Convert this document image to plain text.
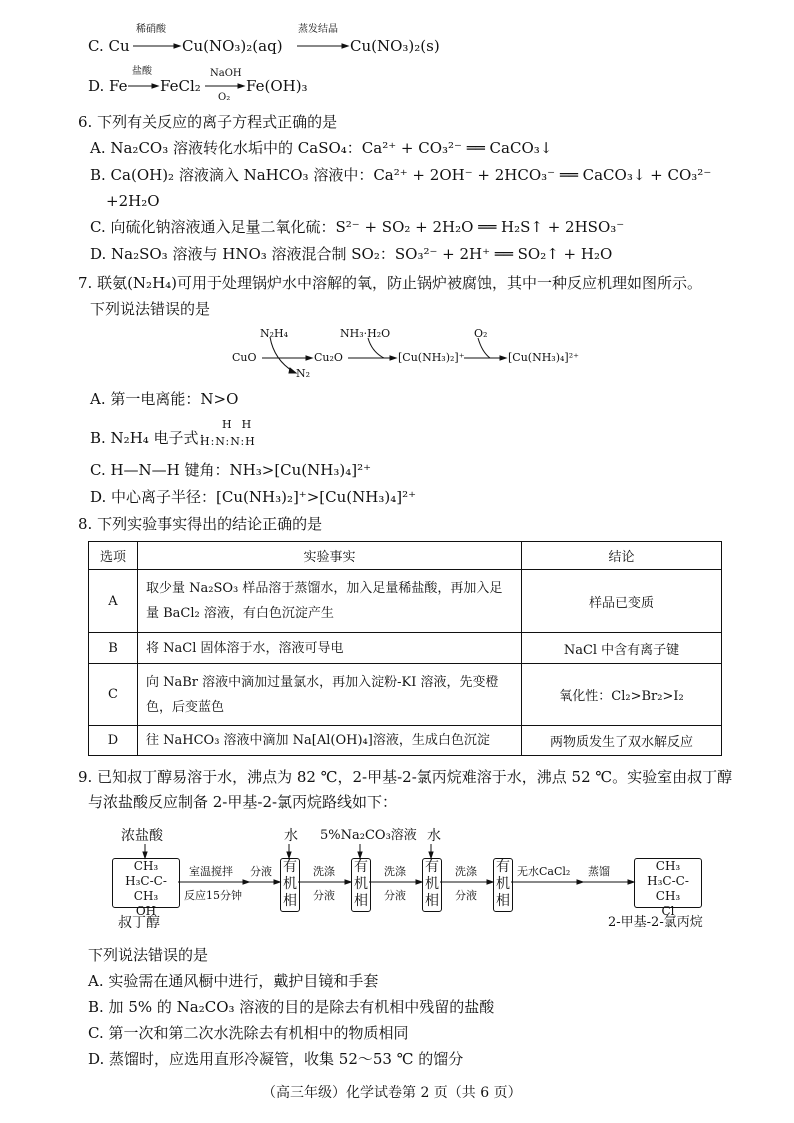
C. Cu
稀硝酸
Cu(NO₃)₂(aq)
蒸发结晶
Cu(NO₃)₂(s)
D. Fe
盐酸
FeCl₂
NaOH
O₂
Fe(OH)₃
6. 下列有关反应的离子方程式正确的是
A. Na₂CO₃ 溶液转化水垢中的 CaSO₄：Ca²⁺ + CO₃²⁻ ══ CaCO₃↓
B. Ca(OH)₂ 溶液滴入 NaHCO₃ 溶液中：Ca²⁺ + 2OH⁻ + 2HCO₃⁻ ══ CaCO₃↓ + CO₃²⁻
+2H₂O
C. 向硫化钠溶液通入足量二氧化硫：S²⁻ + SO₂ + 2H₂O ══ H₂S↑ + 2HSO₃⁻
D. Na₂SO₃ 溶液与 HNO₃ 溶液混合制 SO₂：SO₃²⁻ + 2H⁺ ══ SO₂↑ + H₂O
7. 联氨(N₂H₄)可用于处理锅炉水中溶解的氧，防止锅炉被腐蚀，其中一种反应机理如图所示。
下列说法错误的是
N₂H₄
CuO
N₂
Cu₂O
NH₃·H₂O
[Cu(NH₃)₂]⁺
O₂
[Cu(NH₃)₄]²⁺
A. 第一电离能：N>O
B. N₂H₄ 电子式：
H:N:N:H
HH
C. H—N—H 键角：NH₃>[Cu(NH₃)₄]²⁺
D. 中心离子半径：[Cu(NH₃)₂]⁺>[Cu(NH₃)₄]²⁺
8. 下列实验事实得出的结论正确的是
选项	实验事实	结论
A	取少量 Na₂SO₃ 样品溶于蒸馏水，加入足量稀盐酸，再加入足量 BaCl₂ 溶液，有白色沉淀产生	样品已变质
B	将 NaCl 固体溶于水，溶液可导电	NaCl 中含有离子键
C	向 NaBr 溶液中滴加过量氯水，再加入淀粉-KI 溶液，先变橙色，后变蓝色	氧化性：Cl₂>Br₂>I₂
D	往 NaHCO₃ 溶液中滴加 Na[Al(OH)₄]溶液，生成白色沉淀	两物质发生了双水解反应
9. 已知叔丁醇易溶于水，沸点为 82 ℃，2-甲基-2-氯丙烷难溶于水，沸点 52 ℃。实验室由叔丁醇
与浓盐酸反应制备 2-甲基-2-氯丙烷路线如下：
浓盐酸
CH₃
H₃C-C-CH₃
OH
叔丁醇
室温搅拌
反应15分钟
分液
水
有机相
洗涤
分液
5%Na₂CO₃溶液
有机相
洗涤
分液
水
有机相
洗涤
分液
有机相
无水CaCl₂ 蒸馏	CH₃
H₃C-C-CH₃
Cl
2-甲基-2-氯丙烷
下列说法错误的是
A. 实验需在通风橱中进行，戴护目镜和手套
B. 加 5% 的 Na₂CO₃ 溶液的目的是除去有机相中残留的盐酸
C. 第一次和第二次水洗除去有机相中的物质相同
D. 蒸馏时，应选用直形冷凝管，收集 52～53 ℃ 的馏分
（高三年级）化学试卷第 2 页（共 6 页）
